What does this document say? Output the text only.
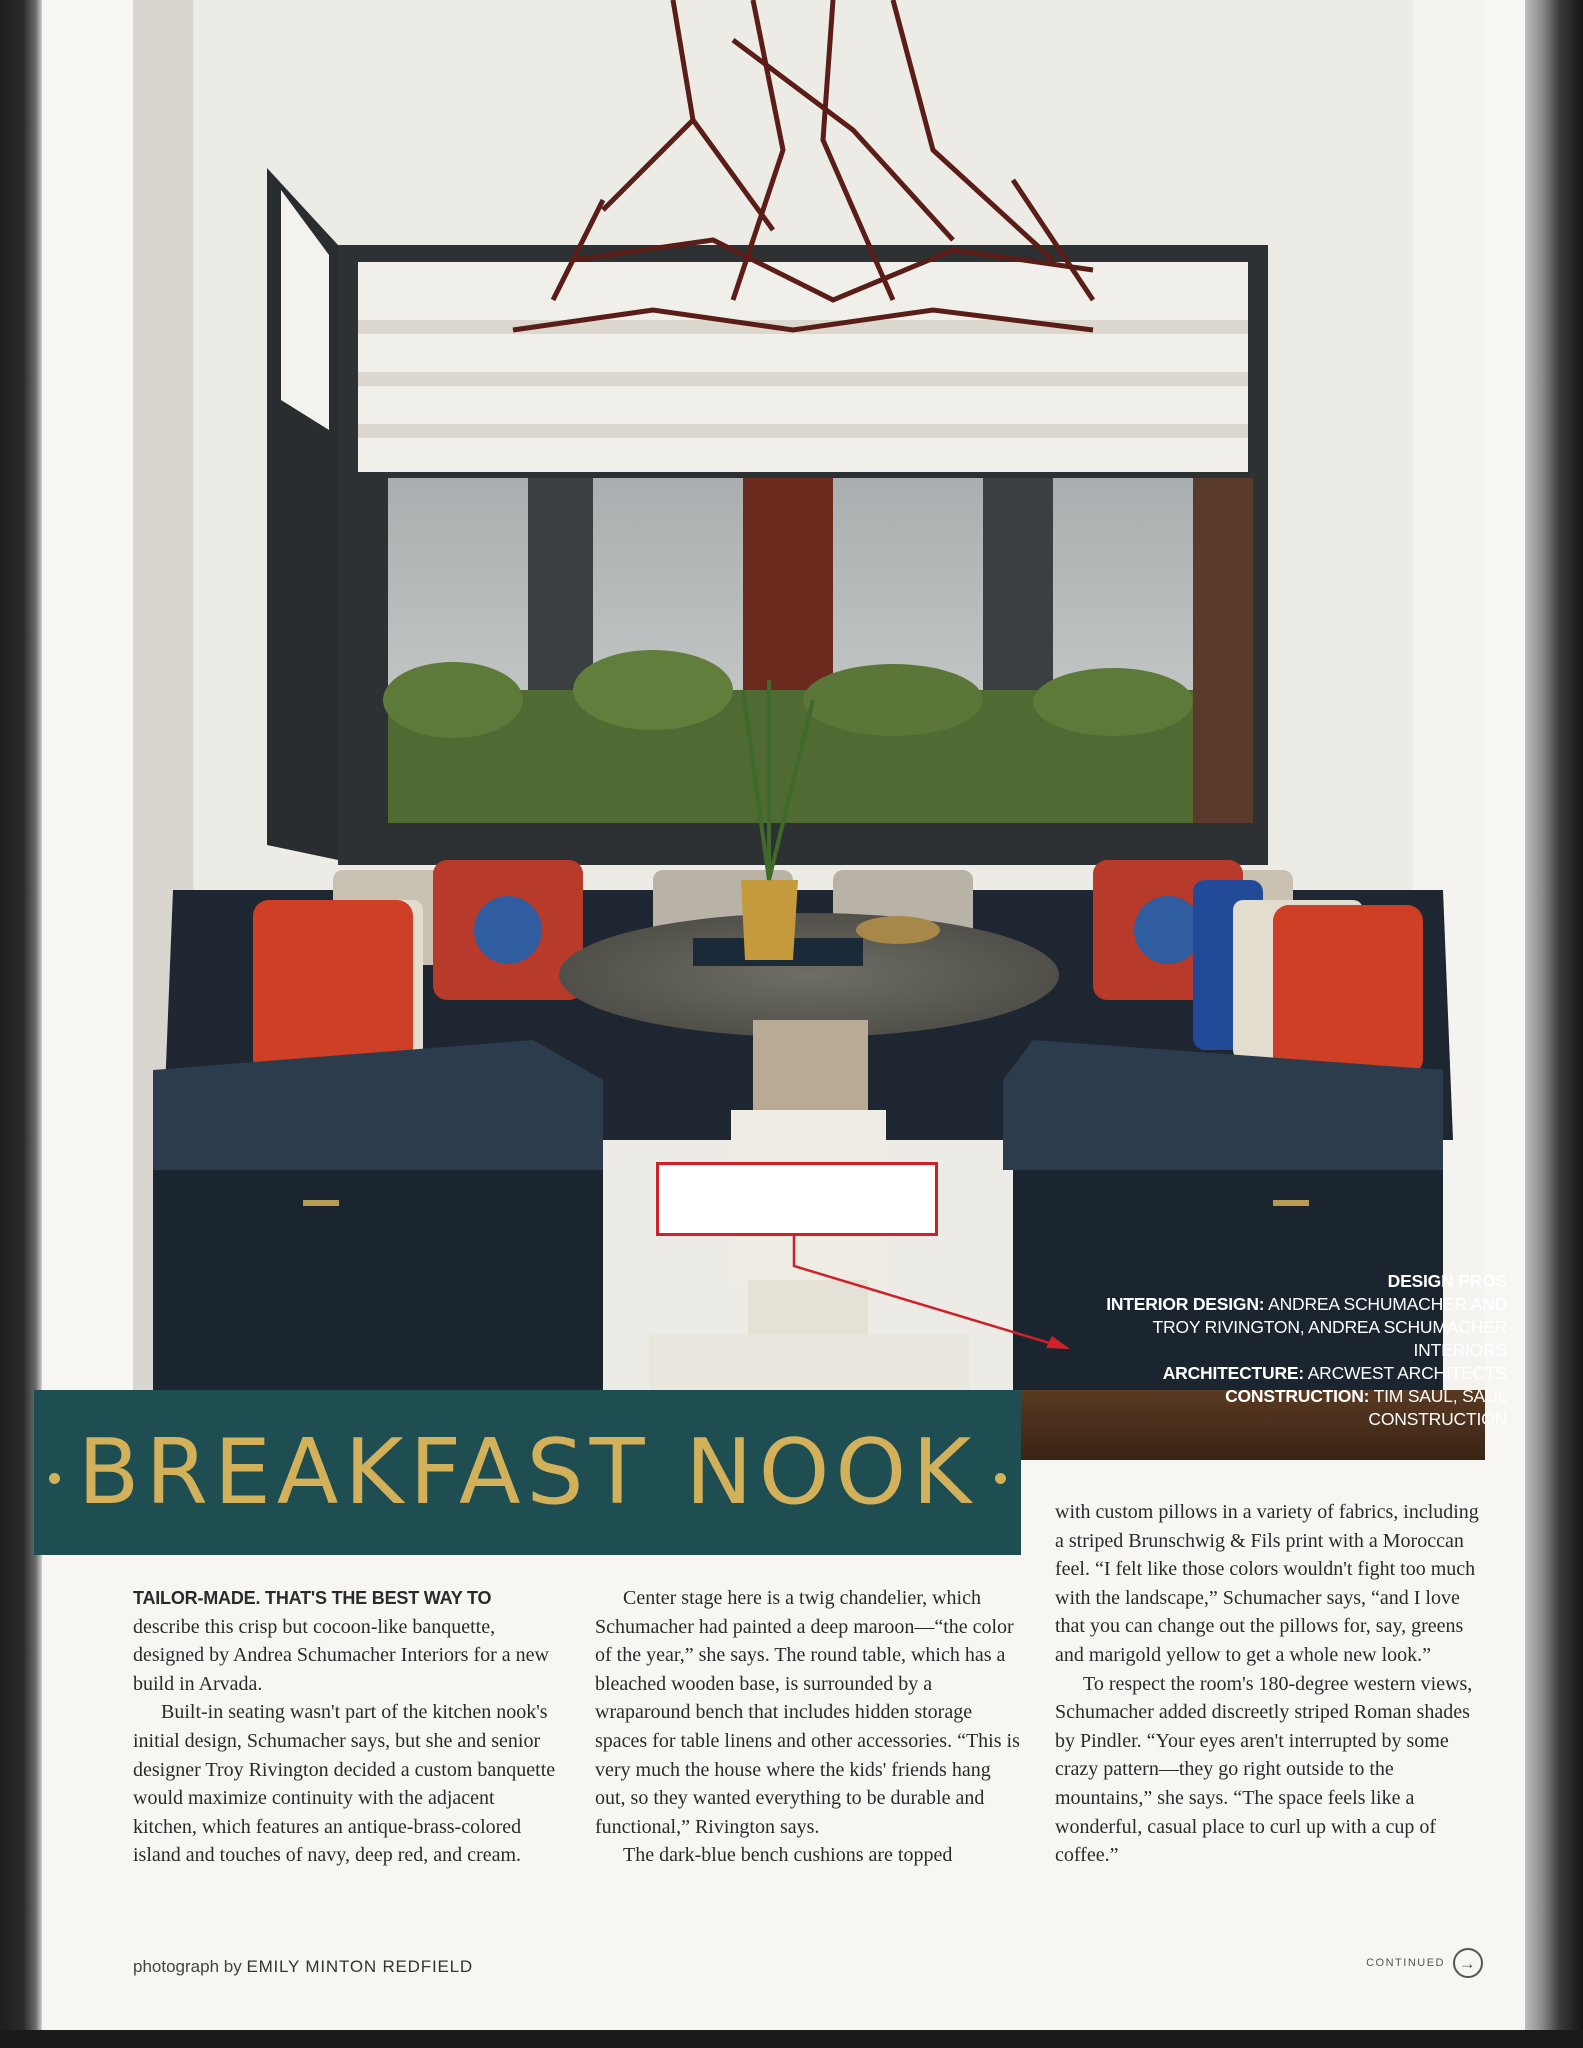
DESIGN PROS
INTERIOR DESIGN: ANDREA SCHUMACHER AND TROY RIVINGTON, ANDREA SCHUMACHER INTERIORS
ARCHITECTURE: ARCWEST ARCHITECTS
CONSTRUCTION: TIM SAUL, SAUL CONSTRUCTION
BREAKFAST NOOK

TAILOR-MADE. THAT'S THE BEST WAY TO describe this crisp but cocoon-like banquette, designed by Andrea Schumacher Interiors for a new build in Arvada.

Built-in seating wasn't part of the kitchen nook's initial design, Schumacher says, but she and senior designer Troy Rivington decided a custom banquette would maximize continuity with the adjacent kitchen, which features an antique-brass-colored island and touches of navy, deep red, and cream.

Center stage here is a twig chandelier, which Schumacher had painted a deep maroon—“the color of the year,” she says. The round table, which has a bleached wooden base, is surrounded by a wraparound bench that includes hidden storage spaces for table linens and other accessories. “This is very much the house where the kids' friends hang out, so they wanted everything to be durable and functional,” Rivington says.

The dark-blue bench cushions are topped

with custom pillows in a variety of fabrics, including a striped Brunschwig & Fils print with a Moroccan feel. “I felt like those colors wouldn't fight too much with the landscape,” Schumacher says, “and I love that you can change out the pillows for, say, greens and marigold yellow to get a whole new look.”

To respect the room's 180-degree western views, Schumacher added discreetly striped Roman shades by Pindler. “Your eyes aren't interrupted by some crazy pattern—they go right outside to the mountains,” she says. “The space feels like a wonderful, casual place to curl up with a cup of coffee.”

photograph by EMILY MINTON REDFIELD	CONTINUED →
